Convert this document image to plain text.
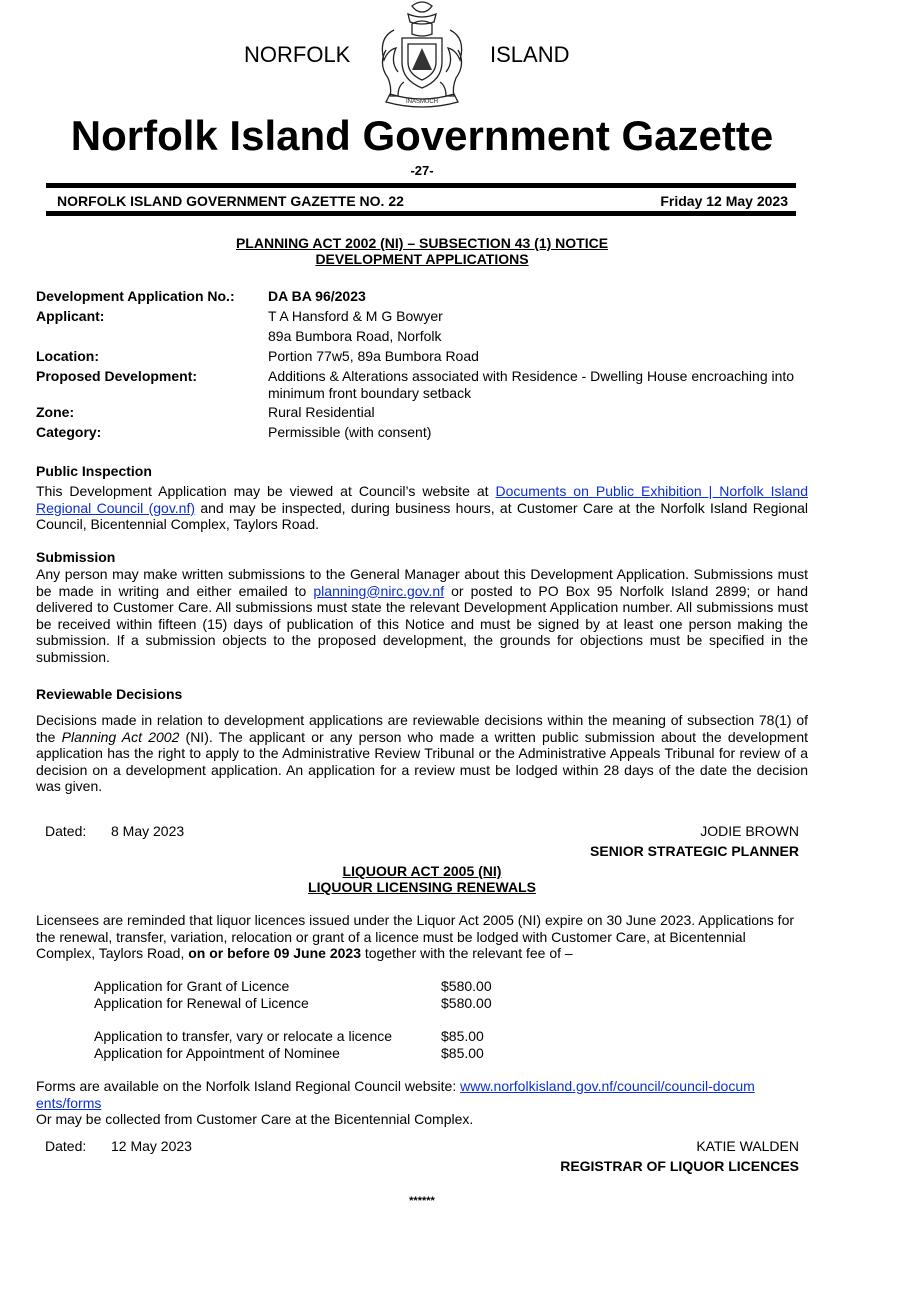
NORFOLK
INASMUCH
ISLAND
Norfolk Island Government Gazette
-27-
NORFOLK ISLAND GOVERNMENT GAZETTE NO. 22	Friday 12 May 2023
PLANNING ACT 2002 (NI) – SUBSECTION 43 (1) NOTICE
DEVELOPMENT APPLICATIONS
Development Application No.: DA BA 96/2023
Applicant:	T A Hansford & M G Bowyer
89a Bumbora Road, Norfolk
Location:	Portion 77w5, 89a Bumbora Road
Proposed Development:	Additions & Alterations associated with Residence - Dwelling House encroaching into minimum front boundary setback
Zone:	Rural Residential
Category:	Permissible (with consent)
Public Inspection
This Development Application may be viewed at Council’s website at Documents on Public Exhibition | Norfolk Island Regional Council (gov.nf) and may be inspected, during business hours, at Customer Care at the Norfolk Island Regional Council, Bicentennial Complex, Taylors Road.
Submission
Any person may make written submissions to the General Manager about this Development Application. Submissions must be made in writing and either emailed to planning@nirc.gov.nf or posted to PO Box 95 Norfolk Island 2899; or hand delivered to Customer Care. All submissions must state the relevant Development Application number. All submissions must be received within fifteen (15) days of publication of this Notice and must be signed by at least one person making the submission. If a submission objects to the proposed development, the grounds for objections must be specified in the submission.
Reviewable Decisions
Decisions made in relation to development applications are reviewable decisions within the meaning of subsection 78(1) of the Planning Act 2002 (NI). The applicant or any person who made a written public submission about the development application has the right to apply to the Administrative Review Tribunal or the Administrative Appeals Tribunal for review of a decision on a development application. An application for a review must be lodged within 28 days of the date the decision was given.
Dated: 8 May 2023	JODIE BROWN
SENIOR STRATEGIC PLANNER
LIQUOUR ACT 2005 (NI)
LIQUOUR LICENSING RENEWALS
Licensees are reminded that liquor licences issued under the Liquor Act 2005 (NI) expire on 30 June 2023. Applications for the renewal, transfer, variation, relocation or grant of a licence must be lodged with Customer Care, at Bicentennial Complex, Taylors Road, on or before 09 June 2023 together with the relevant fee of –
Application for Grant of Licence	$580.00
Application for Renewal of Licence	$580.00
Application to transfer, vary or relocate a licence	$85.00
Application for Appointment of Nominee	$85.00
Forms are available on the Norfolk Island Regional Council website: www.norfolkisland.gov.nf/council/council-documents/forms
Or may be collected from Customer Care at the Bicentennial Complex.
Dated: 12 May 2023	KATIE WALDEN
REGISTRAR OF LIQUOR LICENCES
******
